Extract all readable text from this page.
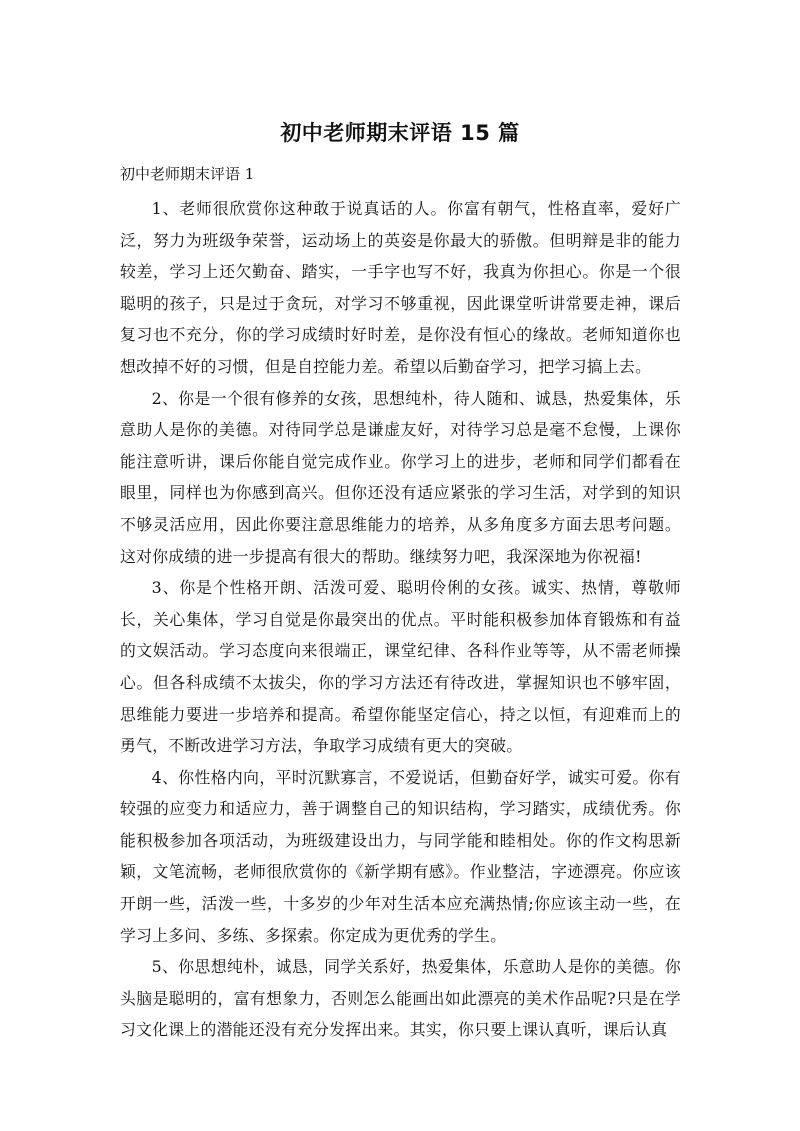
初中老师期末评语 15 篇

初中老师期末评语 1

1、老师很欣赏你这种敢于说真话的人。你富有朝气，性格直率，爱好广泛，努力为班级争荣誉，运动场上的英姿是你最大的骄傲。但明辩是非的能力较差，学习上还欠勤奋、踏实，一手字也写不好，我真为你担心。你是一个很聪明的孩子，只是过于贪玩，对学习不够重视，因此课堂听讲常要走神，课后复习也不充分，你的学习成绩时好时差，是你没有恒心的缘故。老师知道你也想改掉不好的习惯，但是自控能力差。希望以后勤奋学习，把学习搞上去。

2、你是一个很有修养的女孩，思想纯朴，待人随和、诚恳，热爱集体，乐意助人是你的美德。对待同学总是谦虚友好，对待学习总是毫不怠慢，上课你能注意听讲，课后你能自觉完成作业。你学习上的进步，老师和同学们都看在眼里，同样也为你感到高兴。但你还没有适应紧张的学习生活，对学到的知识不够灵活应用，因此你要注意思维能力的培养，从多角度多方面去思考问题。这对你成绩的进一步提高有很大的帮助。继续努力吧，我深深地为你祝福!

3、你是个性格开朗、活泼可爱、聪明伶俐的女孩。诚实、热情，尊敬师长，关心集体，学习自觉是你最突出的优点。平时能积极参加体育锻炼和有益的文娱活动。学习态度向来很端正，课堂纪律、各科作业等等，从不需老师操心。但各科成绩不太拔尖，你的学习方法还有待改进，掌握知识也不够牢固，思维能力要进一步培养和提高。希望你能坚定信心，持之以恒，有迎难而上的勇气，不断改进学习方法，争取学习成绩有更大的突破。

4、你性格内向，平时沉默寡言，不爱说话，但勤奋好学，诚实可爱。你有较强的应变力和适应力，善于调整自己的知识结构，学习踏实，成绩优秀。你能积极参加各项活动，为班级建设出力，与同学能和睦相处。你的作文构思新颖，文笔流畅，老师很欣赏你的《新学期有感》。作业整洁，字迹漂亮。你应该开朗一些，活泼一些，十多岁的少年对生活本应充满热情;你应该主动一些，在学习上多问、多练、多探索。你定成为更优秀的学生。

5、你思想纯朴，诚恳，同学关系好，热爱集体，乐意助人是你的美德。你头脑是聪明的，富有想象力，否则怎么能画出如此漂亮的美术作品呢?只是在学习文化课上的潜能还没有充分发挥出来。其实，你只要上课认真听，课后认真
